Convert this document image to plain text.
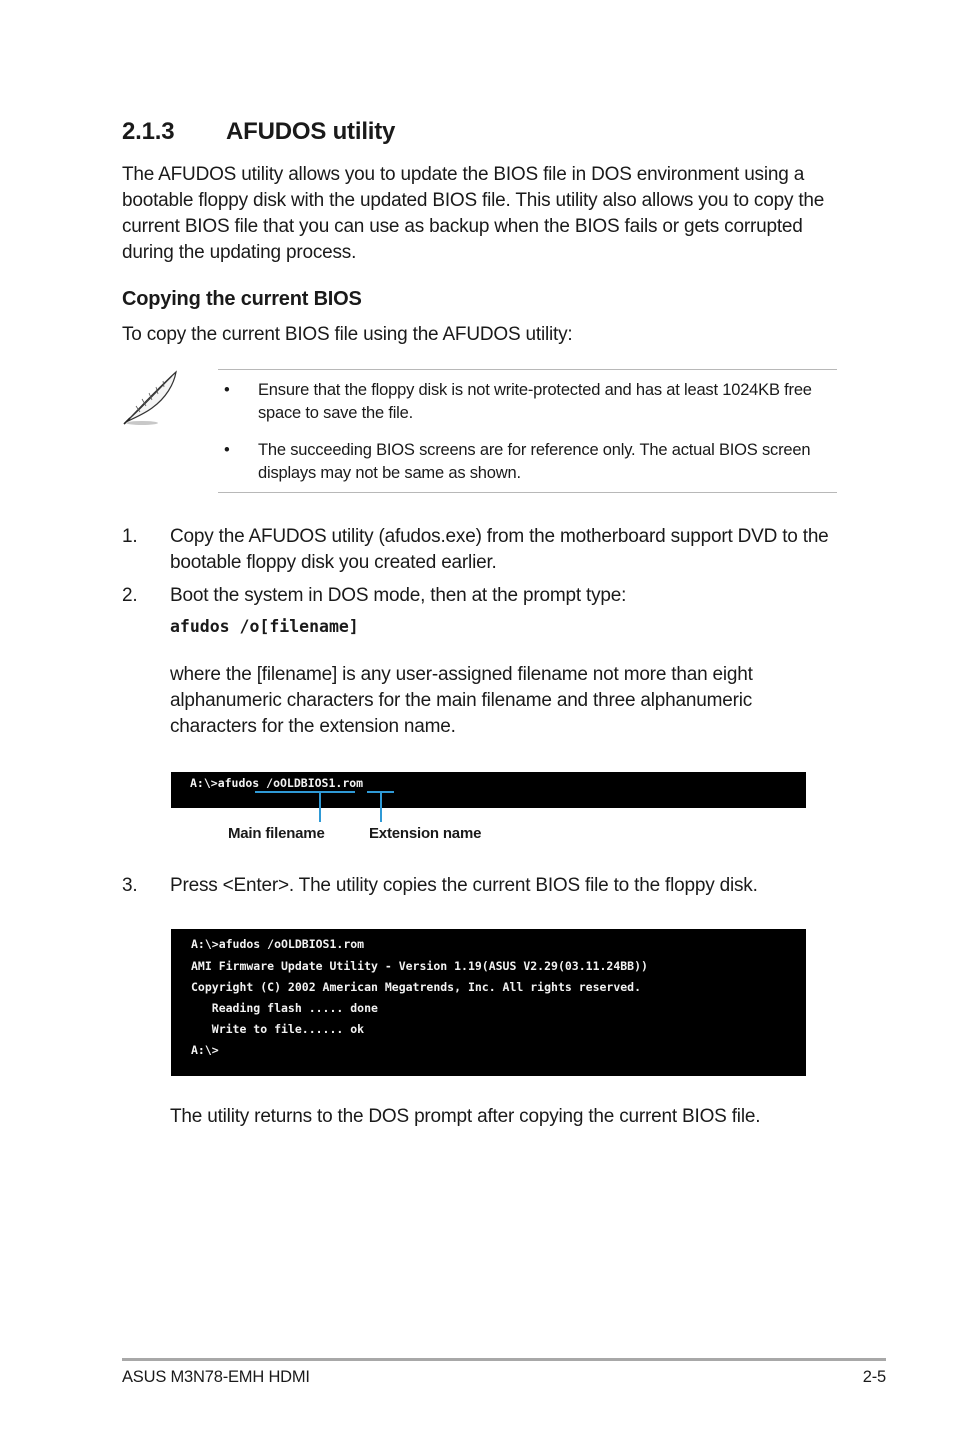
2.1.3 AFUDOS utility
The AFUDOS utility allows you to update the BIOS file in DOS environment using a bootable floppy disk with the updated BIOS file. This utility also allows you to copy the current BIOS file that you can use as backup when the BIOS fails or gets corrupted during the updating process.
Copying the current BIOS
To copy the current BIOS file using the AFUDOS utility:
• Ensure that the floppy disk is not write-protected and has at least 1024KB free space to save the file.
• The succeeding BIOS screens are for reference only. The actual BIOS screen displays may not be same as shown.
1. Copy the AFUDOS utility (afudos.exe) from the motherboard support DVD to the bootable floppy disk you created earlier.
2. Boot the system in DOS mode, then at the prompt type:
afudos /o[filename]
where the [filename] is any user-assigned filename not more than eight alphanumeric characters for the main filename and three alphanumeric characters for the extension name.
A:\>afudos /oOLDBIOS1.rom
Main filename	Extension name
3. Press <Enter>. The utility copies the current BIOS file to the floppy disk.
A:\>afudos /oOLDBIOS1.rom
AMI Firmware Update Utility - Version 1.19(ASUS V2.29(03.11.24BB))
Copyright (C) 2002 American Megatrends, Inc. All rights reserved.
Reading flash ..... done
Write to file...... ok
A:\>
The utility returns to the DOS prompt after copying the current BIOS file.
ASUS M3N78-EMH HDMI	2-5
